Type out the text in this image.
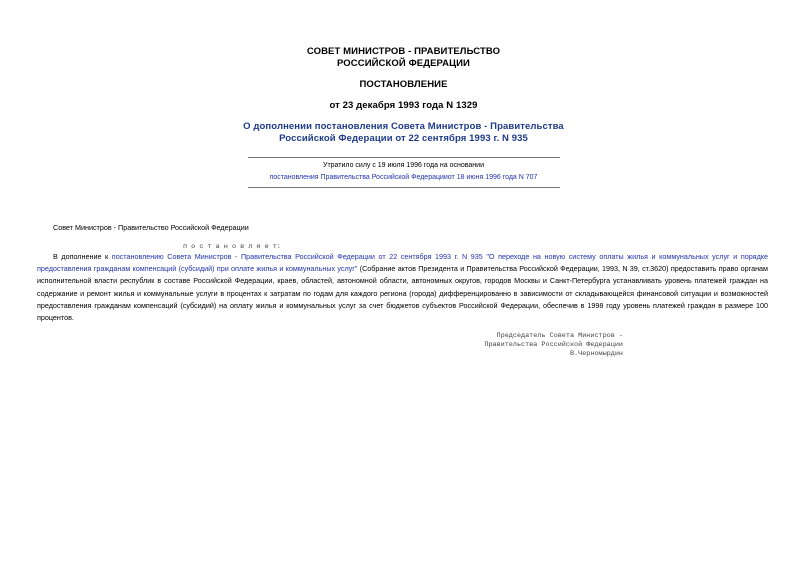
СОВЕТ МИНИСТРОВ - ПРАВИТЕЛЬСТВО
РОССИЙСКОЙ ФЕДЕРАЦИИ
ПОСТАНОВЛЕНИЕ
от 23 декабря 1993 года N 1329
О дополнении постановления Совета Министров - Правительства
Российской Федерации от 22 сентября 1993 г. N 935
Утратило силу с 19 июля 1996 года на основании
постановления Правительства Российской Федерацииот 18 июня 1996 года N 707
Совет Министров - Правительство Российской Федерации
п о с т а н о в л я е т:
В дополнение к постановлению Совета Министров - Правительства Российской Федерации от 22 сентября 1993 г. N 935 "О переходе на новую систему оплаты жилья и коммунальных услуг и порядке предоставления гражданам компенсаций (субсидий) при оплате жилья и коммунальных услуг" (Собрание актов Президента и Правительства Российской Федерации, 1993, N 39, ст.3620) предоставить право органам исполнительной власти республик в составе Российской Федерации, краев, областей, автономной области, автономных округов, городов Москвы и Санкт-Петербурга устанавливать уровень платежей граждан на содержание и ремонт жилья и коммунальные услуги в процентах к затратам по годам для каждого региона (города) дифференцированно в зависимости от складывающейся финансовой ситуации и возможностей предоставления гражданам компенсаций (субсидий) на оплату жилья и коммунальных услуг за счет бюджетов субъектов Российской Федерации, обеспечив в 1998 году уровень платежей граждан в размере 100 процентов.
Председатель Совета Министров -
Правительства Российской Федерации
В.Черномырдин
